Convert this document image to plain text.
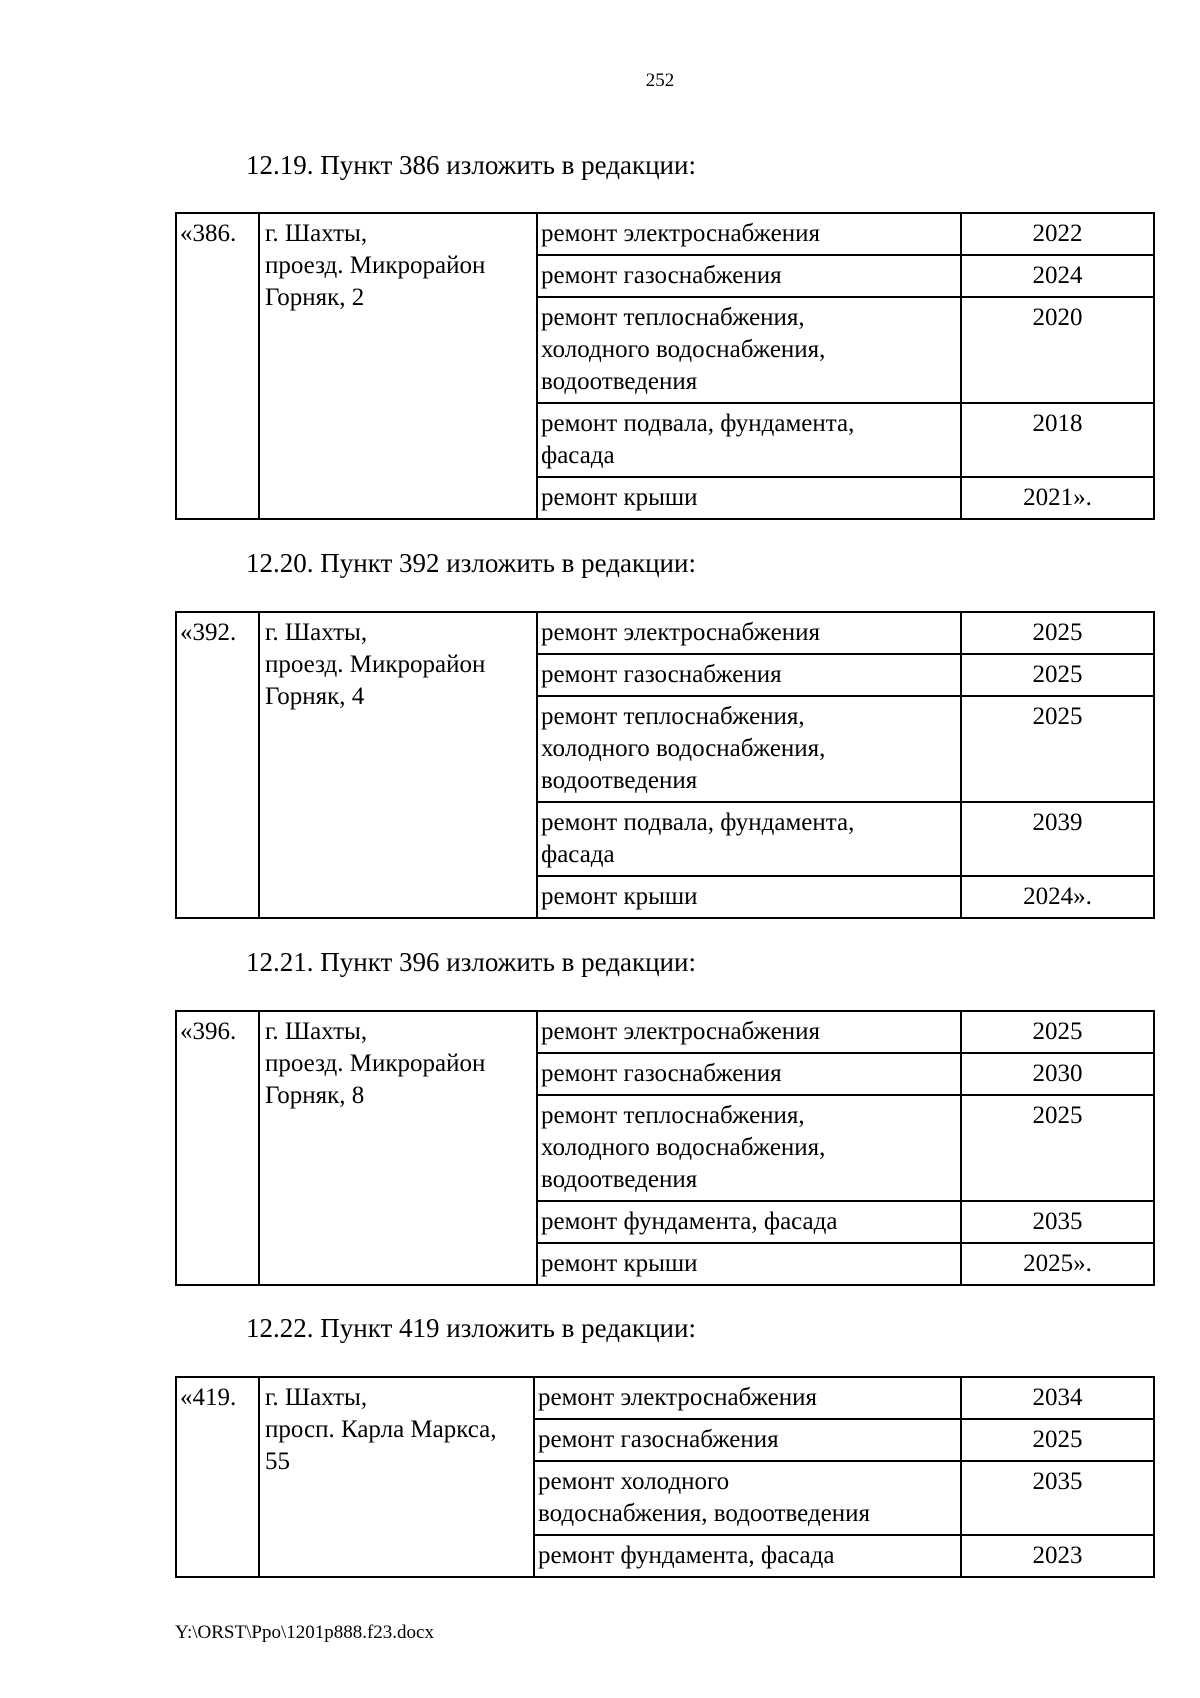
252
12.19. Пункт 386 изложить в редакции:
«386.	г. Шахты,
проезд. Микрорайон
Горняк, 2	ремонт электроснабжения	2022
		ремонт газоснабжения	2024

		ремонт теплоснабжения,
холодного водоснабжения,
водоотведения	2020

		ремонт подвала, фундамента,
фасада	2018
		ремонт крыши	2021».
12.20. Пункт 392 изложить в редакции:
«392.	г. Шахты,
проезд. Микрорайон
Горняк, 4	ремонт электроснабжения	2025
		ремонт газоснабжения	2025

		ремонт теплоснабжения,
холодного водоснабжения,
водоотведения	2025

		ремонт подвала, фундамента,
фасада	2039
		ремонт крыши	2024».
12.21. Пункт 396 изложить в редакции:
«396.	г. Шахты,
проезд. Микрорайон
Горняк, 8	ремонт электроснабжения	2025
		ремонт газоснабжения	2030

		ремонт теплоснабжения,
холодного водоснабжения,
водоотведения	2025
		ремонт фундамента, фасада	2035
		ремонт крыши	2025».
12.22. Пункт 419 изложить в редакции:
«419.	г. Шахты,
просп. Карла Маркса,
55	ремонт электроснабжения	2034
		ремонт газоснабжения	2025

		ремонт холодного
водоснабжения, водоотведения	2035
		ремонт фундамента, фасада	2023
Y:\ORST\Ppo\1201p888.f23.docx
